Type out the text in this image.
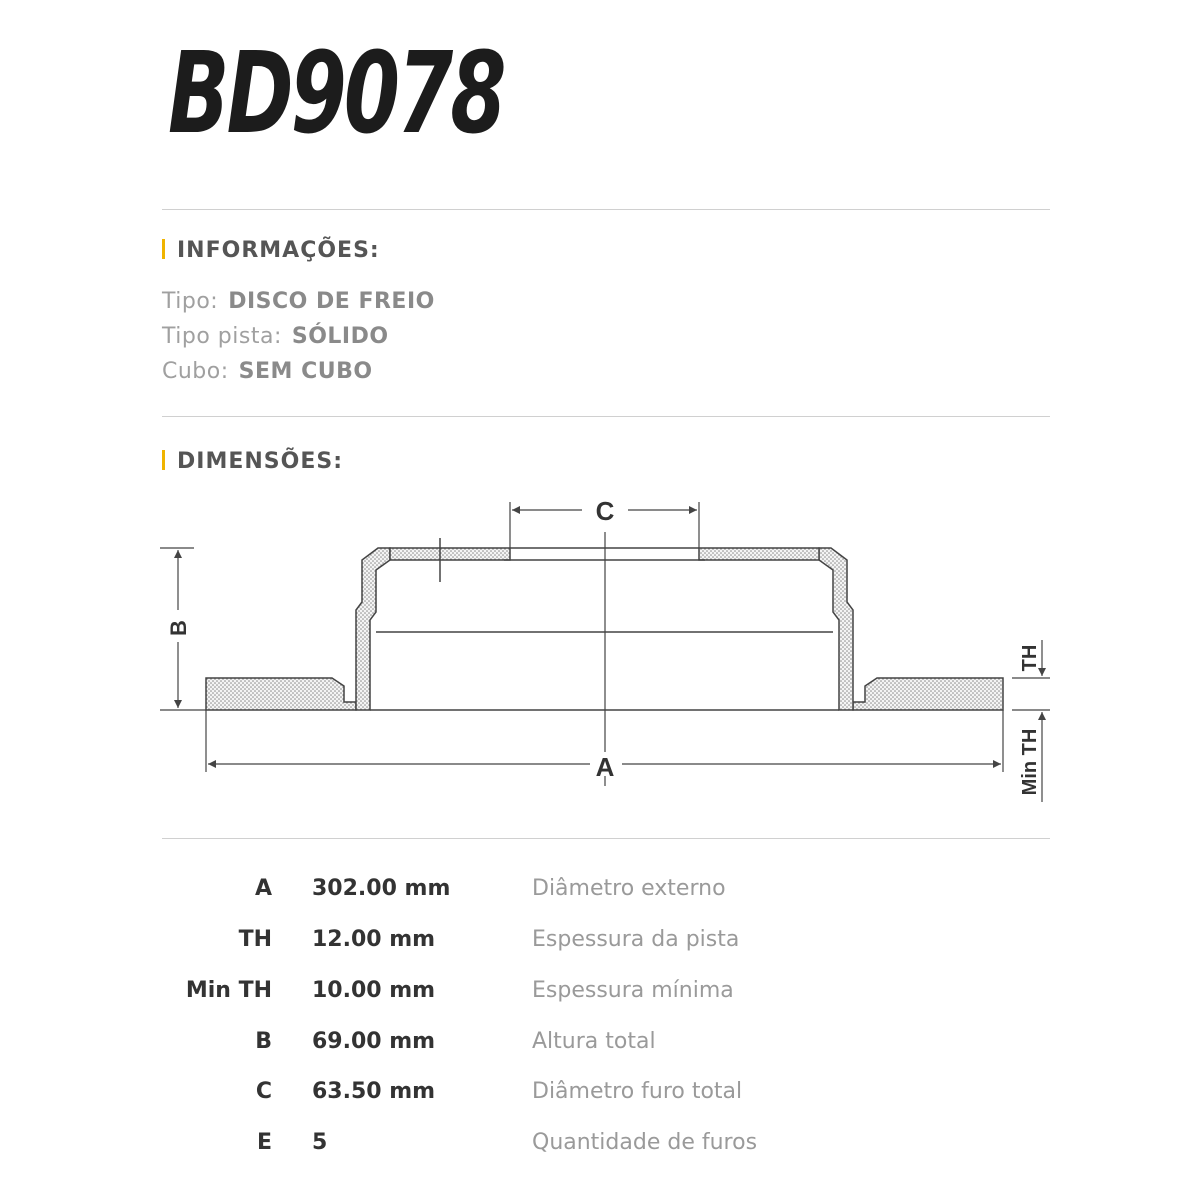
BD9078
INFORMAÇÕES:
Tipo: DISCO DE FREIO
Tipo pista: SÓLIDO
Cubo: SEM CUBO
DIMENSÕES:
C
A
B
TH
Min TH
A 302.00 mm	Diâmetro externo
TH 12.00 mm	Espessura da pista
Min TH 10.00 mm	Espessura mínima
B 69.00 mm	Altura total
C 63.50 mm	Diâmetro furo total
E 5	Quantidade de furos
